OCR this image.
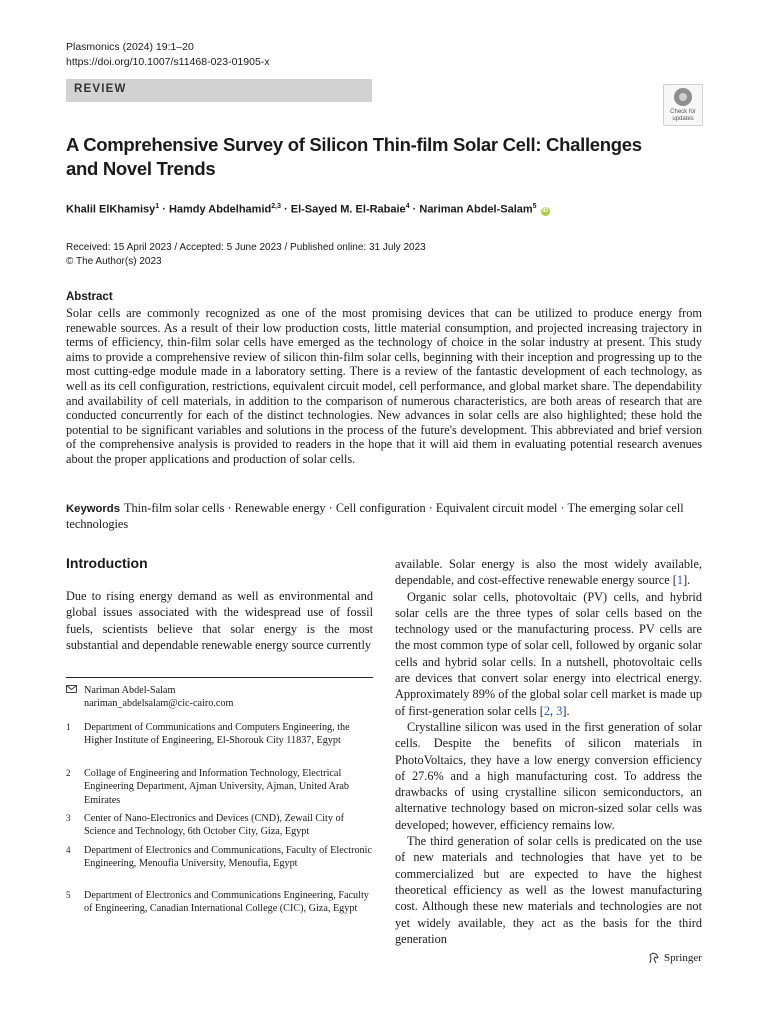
Plasmonics (2024) 19:1–20
https://doi.org/10.1007/s11468-023-01905-x
REVIEW
Check for
updates
A Comprehensive Survey of Silicon Thin-film Solar Cell: Challenges and Novel Trends
Khalil ElKhamisy$^1$ · Hamdy Abdelhamid$^{2,3}$ · El-Sayed M. El-Rabaie$^4$ · Nariman Abdel-Salam$^5$ iD
Received: 15 April 2023 / Accepted: 5 June 2023 / Published online: 31 July 2023
© The Author(s) 2023
Abstract
Solar cells are commonly recognized as one of the most promising devices that can be utilized to produce energy from renewable sources. As a result of their low production costs, little material consumption, and projected increasing trajectory in terms of efficiency, thin-film solar cells have emerged as the technology of choice in the solar industry at present. This study aims to provide a comprehensive review of silicon thin-film solar cells, beginning with their inception and progressing up to the most cutting-edge module made in a laboratory setting. There is a review of the fantastic development of each technology, as well as its cell configuration, restrictions, equivalent circuit model, cell performance, and global market share. The dependability and availability of cell materials, in addition to the comparison of numerous characteristics, are both areas of research that are conducted concurrently for each of the distinct technologies. New advances in solar cells are also highlighted; these hold the potential to be significant variables and solutions in the process of the future's development. This abbreviated and brief version of the comprehensive analysis is provided to readers in the hope that it will aid them in evaluating potential research avenues about the proper applications and production of solar cells.
Keywords Thin-film solar cells · Renewable energy · Cell configuration · Equivalent circuit model · The emerging solar cell technologies
Introduction

Due to rising energy demand as well as environmental and global issues associated with the widespread use of fossil fuels, scientists believe that solar energy is the most substantial and dependable renewable energy source currently

available. Solar energy is also the most widely available, dependable, and cost-effective renewable energy source [1].

Organic solar cells, photovoltaic (PV) cells, and hybrid solar cells are the three types of solar cells based on the technology used or the manufacturing process. PV cells are the most common type of solar cell, followed by organic solar cells and hybrid solar cells. In a nutshell, photovoltaic cells are devices that convert solar energy into electrical energy. Approximately 89% of the global solar cell market is made up of first-generation solar cells [2, 3].

Crystalline silicon was used in the first generation of solar cells. Despite the benefits of silicon materials in PhotoVoltaics, they have a low energy conversion efficiency of 27.6% and a high manufacturing cost. To address the drawbacks of using crystalline silicon semiconductors, an alternative technology based on micron-sized solar cells was developed; however, efficiency remains low.

The third generation of solar cells is predicated on the use of new materials and technologies that have yet to be commercialized but are expected to have the highest theoretical efficiency as well as the lowest manufacturing cost. Although these new materials and technologies are not yet widely available, they act as the basis for the third generation

Nariman Abdel-Salam
nariman_abdelsalam@cic-cairo.com
1 Department of Communications and Computers Engineering, the Higher Institute of Engineering, El-Shorouk City 11837, Egypt
2 Collage of Engineering and Information Technology, Electrical Engineering Department, Ajman University, Ajman, United Arab Emirates
3 Center of Nano-Electronics and Devices (CND), Zewail City of Science and Technology, 6th October City, Giza, Egypt
4 Department of Electronics and Communications, Faculty of Electronic Engineering, Menoufia University, Menoufia, Egypt
5 Department of Electronics and Communications Engineering, Faculty of Engineering, Canadian International College (CIC), Giza, Egypt
Springer
